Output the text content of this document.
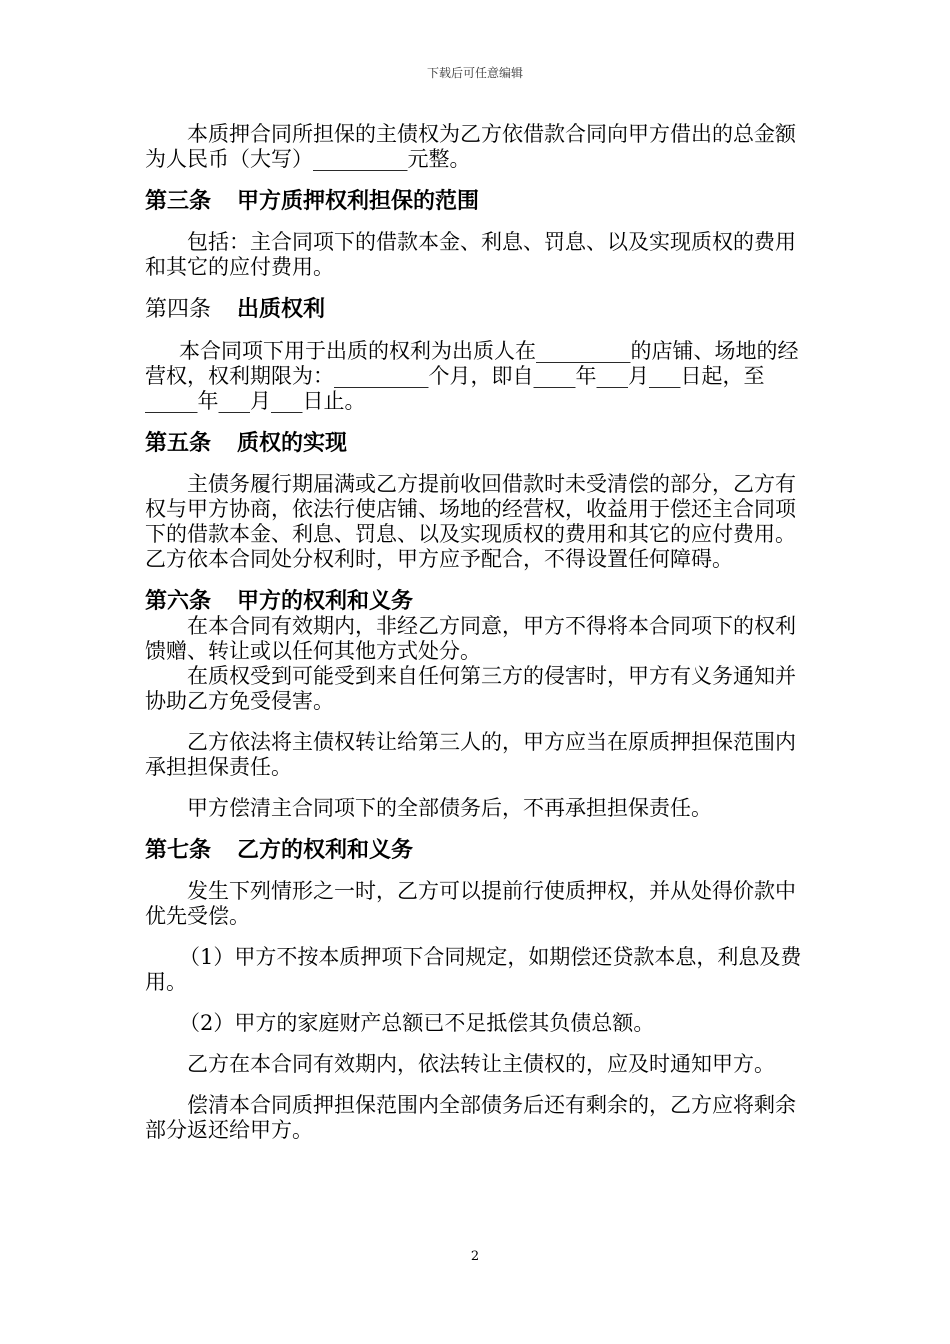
下载后可任意编辑

本质押合同所担保的主债权为乙方依借款合同向甲方借出的总金额为人民币（大写）_________元整。

第三条 甲方质押权利担保的范围

包括：主合同项下的借款本金、利息、罚息、以及实现质权的费用和其它的应付费用。

第四条 出质权利

本合同项下用于出质的权利为出质人在_________的店铺、场地的经营权，权利期限为：_________个月，即自____年___月___日起，至_____年___月___日止。

第五条 质权的实现

主债务履行期届满或乙方提前收回借款时未受清偿的部分，乙方有权与甲方协商，依法行使店铺、场地的经营权，收益用于偿还主合同项下的借款本金、利息、罚息、以及实现质权的费用和其它的应付费用。乙方依本合同处分权利时，甲方应予配合，不得设置任何障碍。

第六条 甲方的权利和义务

在本合同有效期内，非经乙方同意，甲方不得将本合同项下的权利馈赠、转让或以任何其他方式处分。

在质权受到可能受到来自任何第三方的侵害时，甲方有义务通知并协助乙方免受侵害。

乙方依法将主债权转让给第三人的，甲方应当在原质押担保范围内承担担保责任。

甲方偿清主合同项下的全部债务后，不再承担担保责任。

第七条 乙方的权利和义务

发生下列情形之一时，乙方可以提前行使质押权，并从处得价款中优先受偿。

（1）甲方不按本质押项下合同规定，如期偿还贷款本息，利息及费用。

（2）甲方的家庭财产总额已不足抵偿其负债总额。

乙方在本合同有效期内，依法转让主债权的，应及时通知甲方。

偿清本合同质押担保范围内全部债务后还有剩余的，乙方应将剩余部分返还给甲方。

2
